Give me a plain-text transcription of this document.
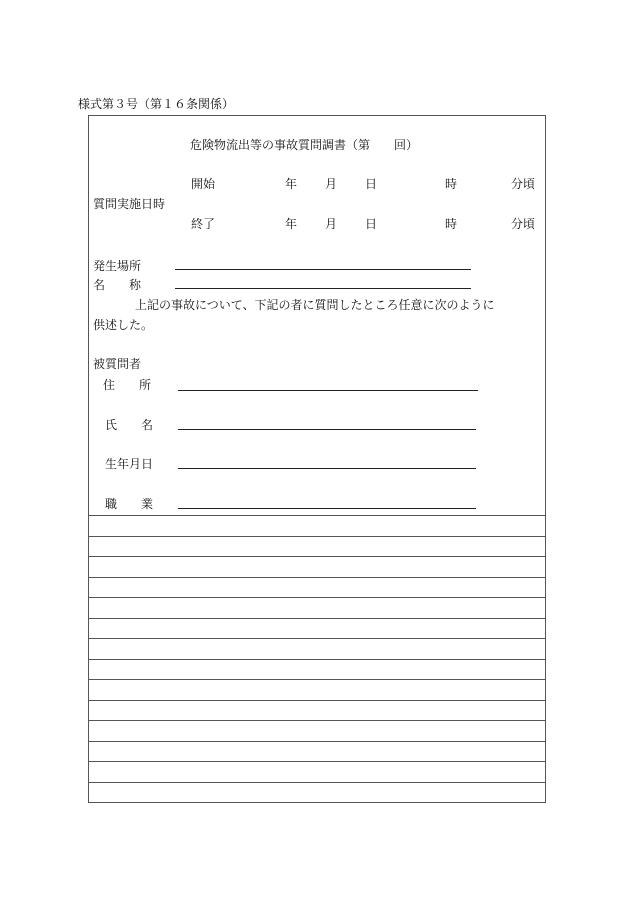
様式第３号（第１６条関係）
危険物流出等の事故質問調書（第　　回）
質問実施日時
開始	年 月 日	時	分頃
終了	年 月 日	時	分頃
発生場所
名　　称
上記の事故について、下記の者に質問したところ任意に次のように
供述した。
被質問者
住　　所
氏　　名
生年月日
職　　業
